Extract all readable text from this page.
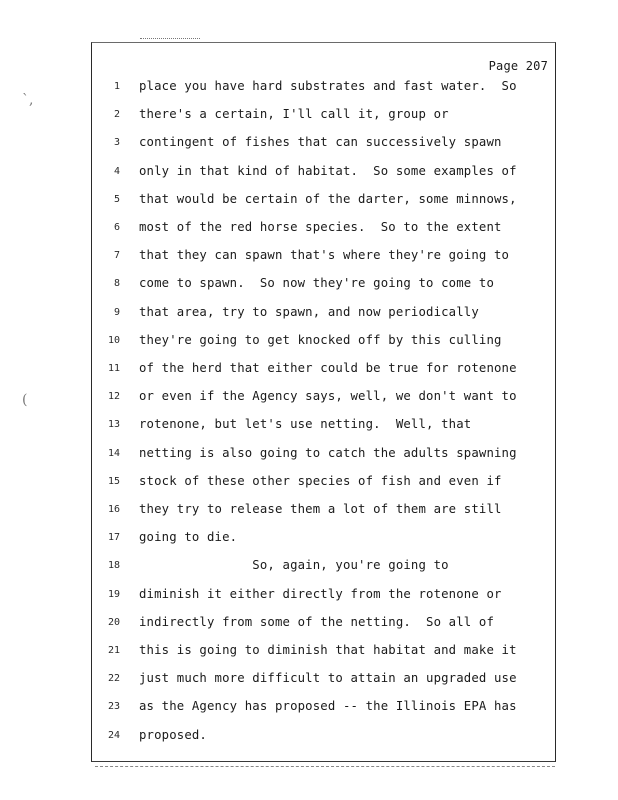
`,
(
Page 207
1 place you have hard substrates and fast water.  So
2 there's a certain, I'll call it, group or
3 contingent of fishes that can successively spawn
4 only in that kind of habitat.  So some examples of
5 that would be certain of the darter, some minnows,
6 most of the red horse species.  So to the extent
7 that they can spawn that's where they're going to
8 come to spawn.  So now they're going to come to
9 that area, try to spawn, and now periodically
10 they're going to get knocked off by this culling
11 of the herd that either could be true for rotenone
12 or even if the Agency says, well, we don't want to
13 rotenone, but let's use netting.  Well, that
14 netting is also going to catch the adults spawning
15 stock of these other species of fish and even if
16 they try to release them a lot of them are still
17 going to die.
18 So, again, you're going to
19 diminish it either directly from the rotenone or
20 indirectly from some of the netting.  So all of
21 this is going to diminish that habitat and make it
22 just much more difficult to attain an upgraded use
23 as the Agency has proposed -- the Illinois EPA has
24 proposed.
